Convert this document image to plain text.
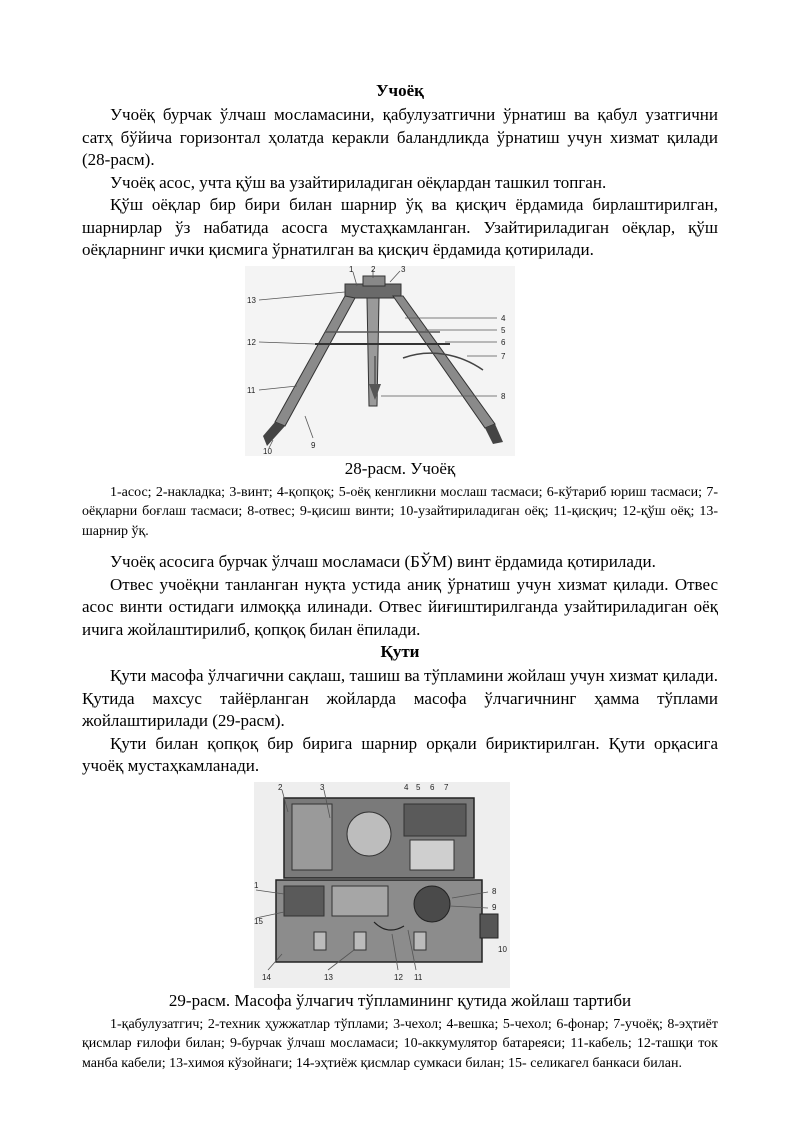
Учоёқ

Учоёқ бурчак ўлчаш мосламасини, қабулузатгични ўрнатиш ва қабул узатгични сатҳ бўйича горизонтал ҳолатда керакли баландликда ўрнатиш учун хизмат қилади (28-расм).

Учоёқ асос, учта қўш ва узайтириладиган оёқлардан ташкил топган.

Қўш оёқлар бир бири билан шарнир ўқ ва қисқич ёрдамида бирлаштирилган, шарнирлар ўз набатида асосга мустаҳкамланган. Узайтириладиган оёқлар, қўш оёқларнинг ички қисмига ўрнатилган ва қисқич ёрдамида қотирилади.

1 2	3
4
5
6
7
8
9
10
11
12
13

28-расм. Учоёқ

1-асос; 2-накладка; 3-винт; 4-қопқоқ; 5-оёқ кенгликни мослаш тасмаси; 6-кўтариб юриш тасмаси; 7-оёқларни боғлаш тасмаси; 8-отвес; 9-қисиш винти; 10-узайтириладиган оёқ; 11-қисқич; 12-қўш оёқ; 13-шарнир ўқ.

Учоёқ асосига бурчак ўлчаш мосламаси (БЎМ) винт ёрдамида қотирилади.

Отвес учоёқни танланган нуқта устида аниқ ўрнатиш учун хизмат қилади. Отвес асос винти остидаги илмоққа илинади. Отвес йиғиштирилганда узайтириладиган оёқ ичига жойлаштирилиб, қопқоқ билан ёпилади.

Қути

Қути масофа ўлчагични сақлаш, ташиш ва тўпламини жойлаш учун хизмат қилади. Қутида махсус тайёрланган жойларда масофа ўлчагичнинг ҳамма тўплами жойлаштирилади (29-расм).

Қути билан қопқоқ бир бирига шарнир орқали бириктирилган. Қути орқасига учоёқ мустаҳкамланади.

2	3	4 5 6 7
1
8
9
15
10
14	13	12 11

29-расм. Масофа ўлчагич тўпламининг қутида жойлаш тартиби

1-қабулузатгич; 2-техник ҳужжатлар тўплами; 3-чехол; 4-вешка; 5-чехол; 6-фонар; 7-учоёқ; 8-эҳтиёт қисмлар ғилофи билан; 9-бурчак ўлчаш мосламаси; 10-аккумулятор батареяси; 11-кабель; 12-ташқи ток манба кабели; 13-химоя кўзойнаги; 14-эҳтиёж қисмлар сумкаси билан; 15- селикагел банкаси билан.
